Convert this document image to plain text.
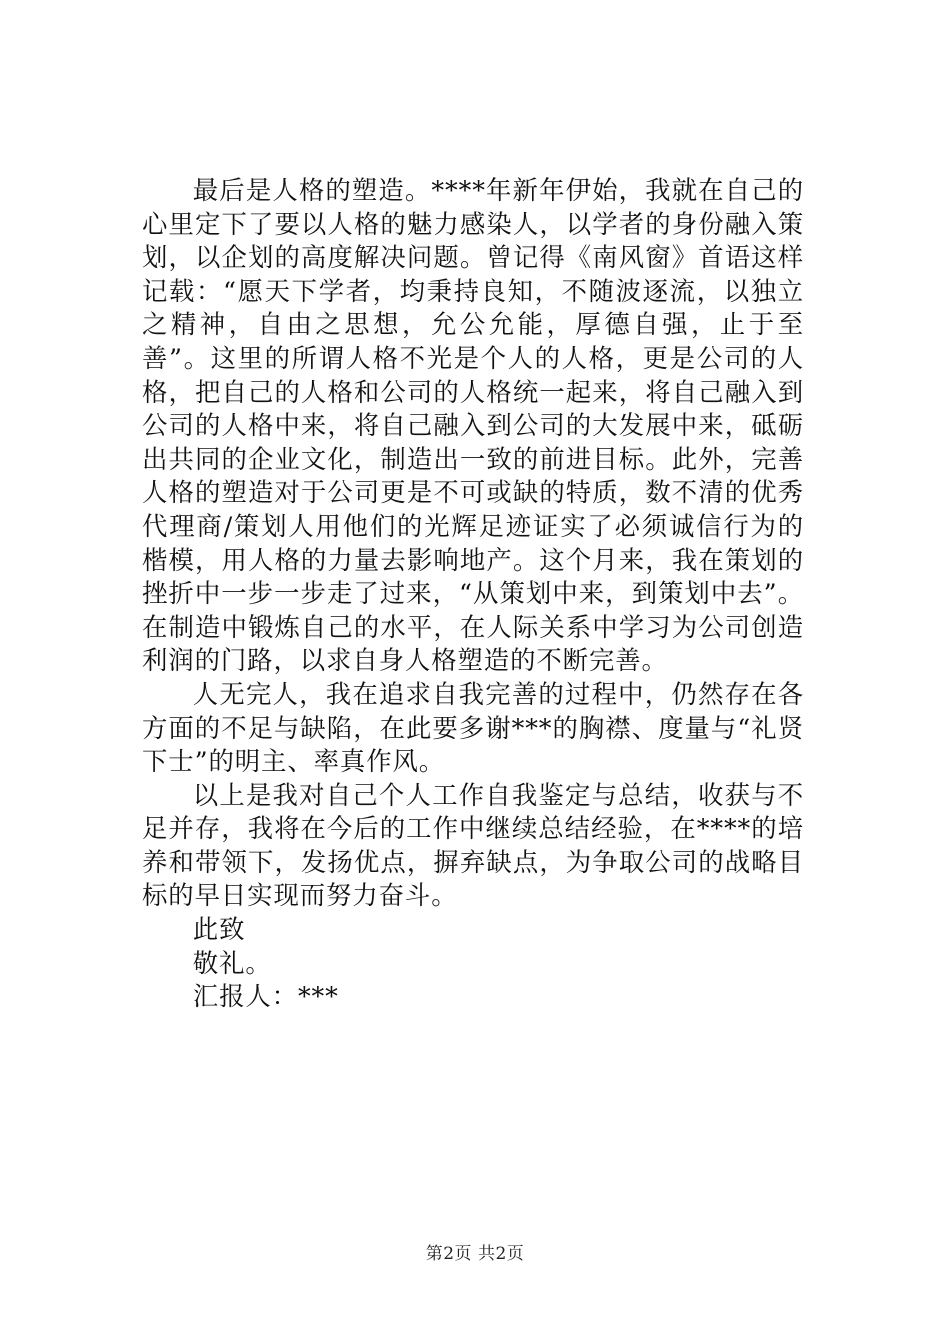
最后是人格的塑造。****年新年伊始，我就在自己的心里定下了要以人格的魅力感染人，以学者的身份融入策划，以企划的高度解决问题。曾记得《南风窗》首语这样记载：“愿天下学者，均秉持良知，不随波逐流，以独立之精神，自由之思想，允公允能，厚德自强，止于至善”。这里的所谓人格不光是个人的人格，更是公司的人格，把自己的人格和公司的人格统一起来，将自己融入到公司的人格中来，将自己融入到公司的大发展中来，砥砺出共同的企业文化，制造出一致的前进目标。此外，完善人格的塑造对于公司更是不可或缺的特质，数不清的优秀代理商/策划人用他们的光辉足迹证实了必须诚信行为的楷模，用人格的力量去影响地产。这个月来，我在策划的挫折中一步一步走了过来，“从策划中来，到策划中去”。在制造中锻炼自己的水平，在人际关系中学习为公司创造利润的门路，以求自身人格塑造的不断完善。

人无完人，我在追求自我完善的过程中，仍然存在各方面的不足与缺陷，在此要多谢***的胸襟、度量与“礼贤下士”的明主、率真作风。

以上是我对自己个人工作自我鉴定与总结，收获与不足并存，我将在今后的工作中继续总结经验，在****的培养和带领下，发扬优点，摒弃缺点，为争取公司的战略目标的早日实现而努力奋斗。

此致
敬礼。
汇报人：***
第2页 共2页
